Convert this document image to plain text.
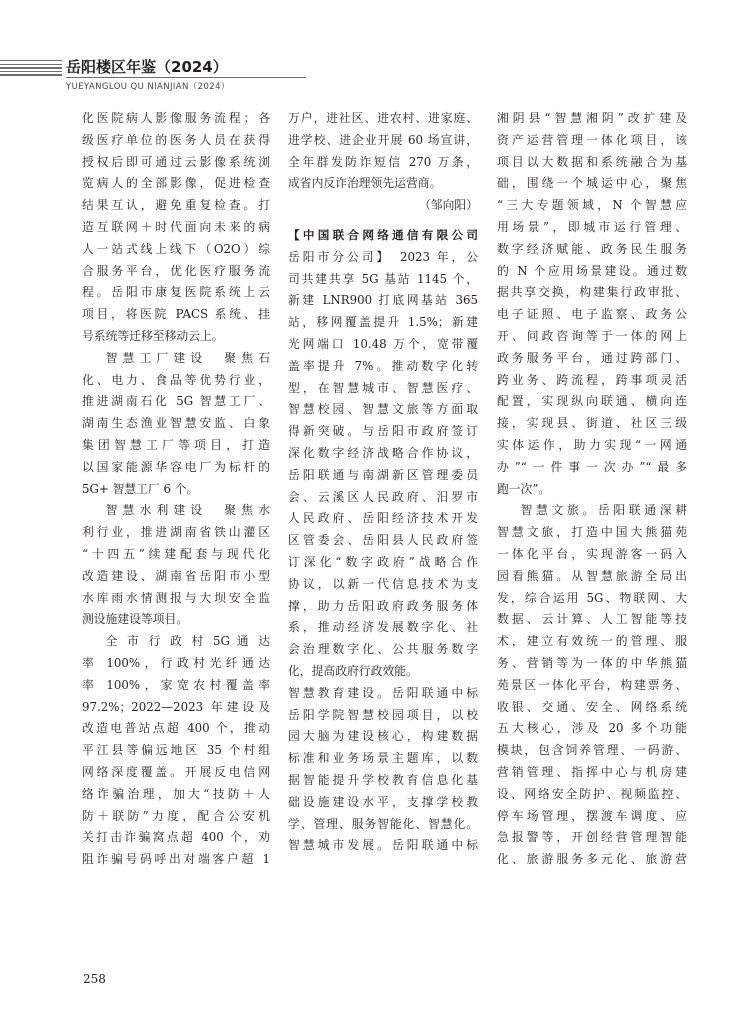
岳阳楼区年鉴（2024）
YUEYANGLOU QU NIANJIAN（2024）

化医院病人影像服务流程；各

级医疗单位的医务人员在获得

授权后即可通过云影像系统浏

览病人的全部影像，促进检查

结果互认，避免重复检查。打

造互联网＋时代面向未来的病

人一站式线上线下（O2O）综

合服务平台，优化医疗服务流

程。岳阳市康复医院系统上云

项目，将医院 PACS 系统、挂

号系统等迁移至移动云上。

智慧工厂建设　聚焦石

化、电力、食品等优势行业，

推进湖南石化 5G 智慧工厂、

湖南生态渔业智慧安监、白象

集团智慧工厂等项目，打造

以国家能源华容电厂为标杆的

5G+ 智慧工厂 6 个。

智慧水利建设　聚焦水

利行业，推进湖南省铁山灌区

“十四五”续建配套与现代化

改造建设、湖南省岳阳市小型

水库雨水情测报与大坝安全监

测设施建设等项目。

全 市 行 政 村 5G 通 达

率 100%，行政村光纤通达

率 100%，家宽农村覆盖率

97.2%；2022—2023 年建设及

改造电普站点超 400 个，推动

平江县等偏远地区 35 个村组

网络深度覆盖。开展反电信网

络诈骗治理，加大“技防＋人

防＋联防”力度，配合公安机

关打击诈骗窝点超 400 个，劝

阻诈骗号码呼出对端客户超 1

万户，进社区、进农村、进家庭、

进学校、进企业开展 60 场宣讲，

全年群发防诈短信 270 万条，

成省内反诈治理领先运营商。

（邹向阳）

【中国联合网络通信有限公司

岳阳市分公司】　2023 年，公

司共建共享 5G 基站 1145 个，

新建 LNR900 打底网基站 365

站，移网覆盖提升 1.5%；新建

光网端口 10.48 万个，宽带覆

盖率提升 7%。推动数字化转

型，在智慧城市、智慧医疗、

智慧校园、智慧文旅等方面取

得新突破。与岳阳市政府签订

深化数字经济战略合作协议，

岳阳联通与南湖新区管理委员

会、云溪区人民政府、汨罗市

人民政府、岳阳经济技术开发

区管委会、岳阳县人民政府签

订深化“数字政府”战略合作

协议，以新一代信息技术为支

撑，助力岳阳政府政务服务体

系，推动经济发展数字化、社

会治理数字化、公共服务数字

化，提高政府行政效能。

智慧教育建设。岳阳联通中标

岳阳学院智慧校园项目，以校

园大脑为建设核心，构建数据

标准和业务场景主题库，以数

据智能提升学校教育信息化基

础设施建设水平，支撑学校教

学、管理、服务智能化、智慧化。

智慧城市发展。岳阳联通中标

湘阴县“智慧湘阴”改扩建及

资产运营管理一体化项目，该

项目以大数据和系统融合为基

础，围绕一个城运中心，聚焦

“三大专题领域，N 个智慧应

用场景”，即城市运行管理、

数字经济赋能、政务民生服务

的 N 个应用场景建设。通过数

据共享交换，构建集行政审批、

电子证照、电子监察、政务公

开、问政咨询等于一体的网上

政务服务平台，通过跨部门、

跨业务、跨流程，跨事项灵活

配置，实现纵向联通、横向连

接，实现县、街道、社区三级

实体运作，助力实现“一网通

办”“一件事一次办”“最多

跑一次”。

智慧文旅。岳阳联通深耕

智慧文旅，打造中国大熊猫苑

一体化平台，实现游客一码入

园看熊猫。从智慧旅游全局出

发，综合运用 5G、物联网、大

数据、云计算、人工智能等技

术，建立有效统一的管理、服

务、营销等为一体的中华熊猫

苑景区一体化平台，构建票务、

收银、交通、安全、网络系统

五大核心，涉及 20 多个功能

模块，包含饲养管理、一码游、

营销管理、指挥中心与机房建

设、网络安全防护、视频监控、

停车场管理，摆渡车调度、应

急报警等，开创经营管理智能

化、旅游服务多元化、旅游营

258
